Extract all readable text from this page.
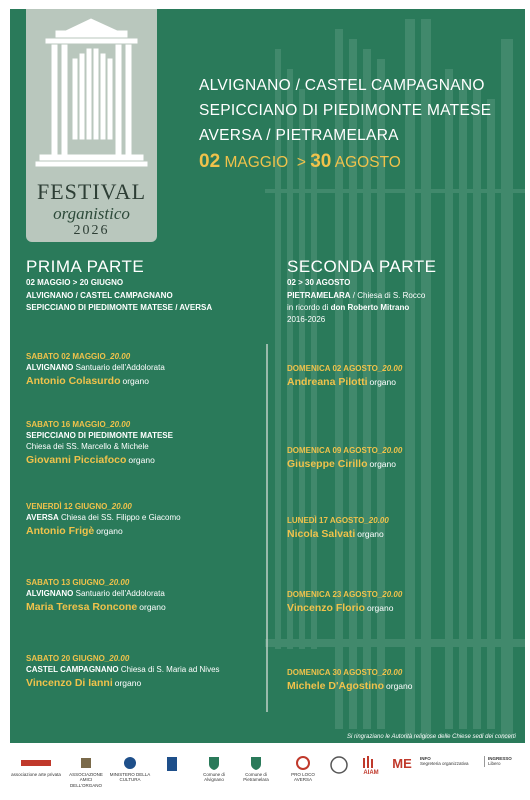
FESTIVAL
organistico
2026
ALVIGNANO / CASTEL CAMPAGNANO
SEPICCIANO DI PIEDIMONTE MATESE
AVERSA / PIETRAMELARA
02 MAGGIO > 30 AGOSTO
PRIMA PARTE
02 MAGGIO > 20 GIUGNO
ALVIGNANO / CASTEL CAMPAGNANO
SEPICCIANO DI PIEDIMONTE MATESE / AVERSA
SABATO 02 MAGGIO_20.00
ALVIGNANO Santuario dell'Addolorata
Antonio Colasurdo organo
SABATO 16 MAGGIO_20.00
SEPICCIANO DI PIEDIMONTE MATESE
Chiesa dei SS. Marcello & Michele
Giovanni Picciafoco organo
VENERDÌ 12 GIUGNO_20.00
AVERSA Chiesa dei SS. Filippo e Giacomo
Antonio Frigè organo
SABATO 13 GIUGNO_20.00
ALVIGNANO Santuario dell'Addolorata
Maria Teresa Roncone organo
SABATO 20 GIUGNO_20.00
CASTEL CAMPAGNANO Chiesa di S. Maria ad Nives
Vincenzo Di Ianni organo
SECONDA PARTE
02 > 30 AGOSTO
PIETRAMELARA / Chiesa di S. Rocco
in ricordo di don Roberto Mitrano
2016-2026
DOMENICA 02 AGOSTO_20.00
Andreana Pilotti organo
DOMENICA 09 AGOSTO_20.00
Giuseppe Cirillo organo
LUNEDÌ 17 AGOSTO_20.00
Nicola Salvati organo
DOMENICA 23 AGOSTO_20.00
Vincenzo Florio organo
DOMENICA 30 AGOSTO_20.00
Michele D'Agostino organo
Si ringraziano le Autorità religiose delle Chiese sedi dei concerti
associazione arte privata	ASSOCIAZIONE AMICI DELL'ORGANO
MINISTERO DELLA CULTURA
Comune di Alvignano
Comune di Pietramelara
PRO LOCO AVERSA
AIAM
ME INFO
Segreteria organizzativa
INGRESSO
Libero
